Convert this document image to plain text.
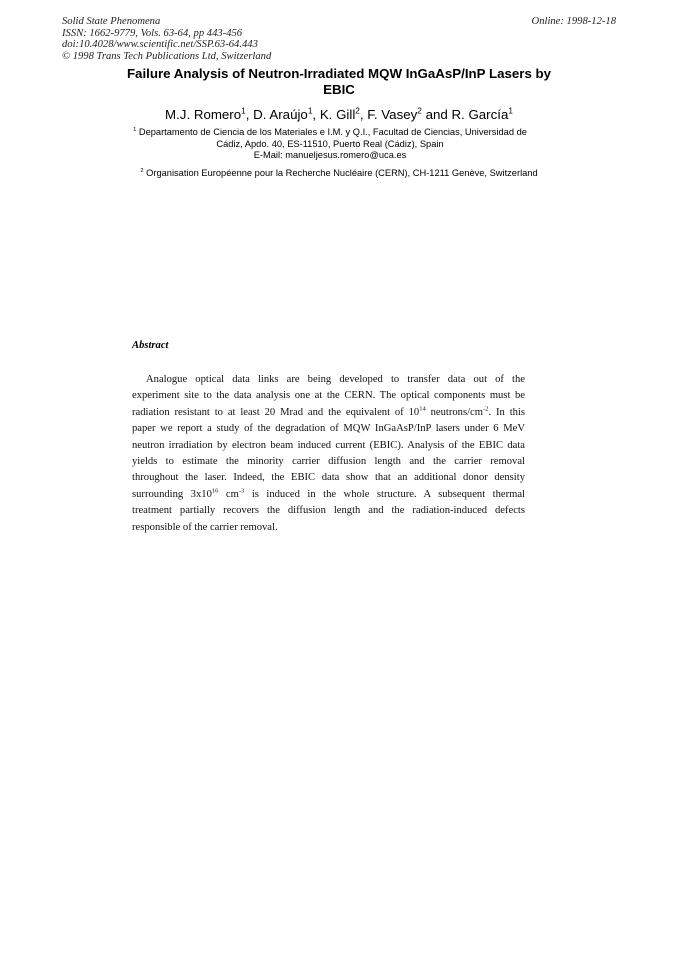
Solid State Phenomena
ISSN: 1662-9779, Vols. 63-64, pp 443-456
doi:10.4028/www.scientific.net/SSP.63-64.443
© 1998 Trans Tech Publications Ltd, Switzerland
Online: 1998-12-18
Failure Analysis of Neutron-Irradiated MQW InGaAsP/InP Lasers by
EBIC
M.J. Romero$^1$, D. Araújo$^1$, K. Gill$^2$, F. Vasey$^2$ and R. García$^1$
$^1$ Departamento de Ciencia de los Materiales e I.M. y Q.I., Facultad de Ciencias, Universidad de
Cádiz, Apdo. 40, ES-11510, Puerto Real (Cádiz), Spain
E-Mail: manueljesus.romero@uca.es
$^2$ Organisation Européenne pour la Recherche Nucléaire (CERN), CH-1211 Genève, Switzerland
Abstract
Analogue optical data links are being developed to transfer data out of the
experiment site to the data analysis one at the CERN. The optical components must be
radiation resistant to at least 20 Mrad and the equivalent of $10^{14}$ neutrons/$cm^{-2}$. In this
paper we report a study of the degradation of MQW InGaAsP/InP lasers under 6 MeV
neutron irradiation by electron beam induced current (EBIC). Analysis of the EBIC data
yields to estimate the minority carrier diffusion length and the carrier removal
throughout the laser. Indeed, the EBIC data show that an additional donor density
surrounding $3x10^{16}$ $cm^{-3}$ is induced in the whole structure. A subsequent thermal
treatment partially recovers the diffusion length and the radiation-induced defects
responsible of the carrier removal.
